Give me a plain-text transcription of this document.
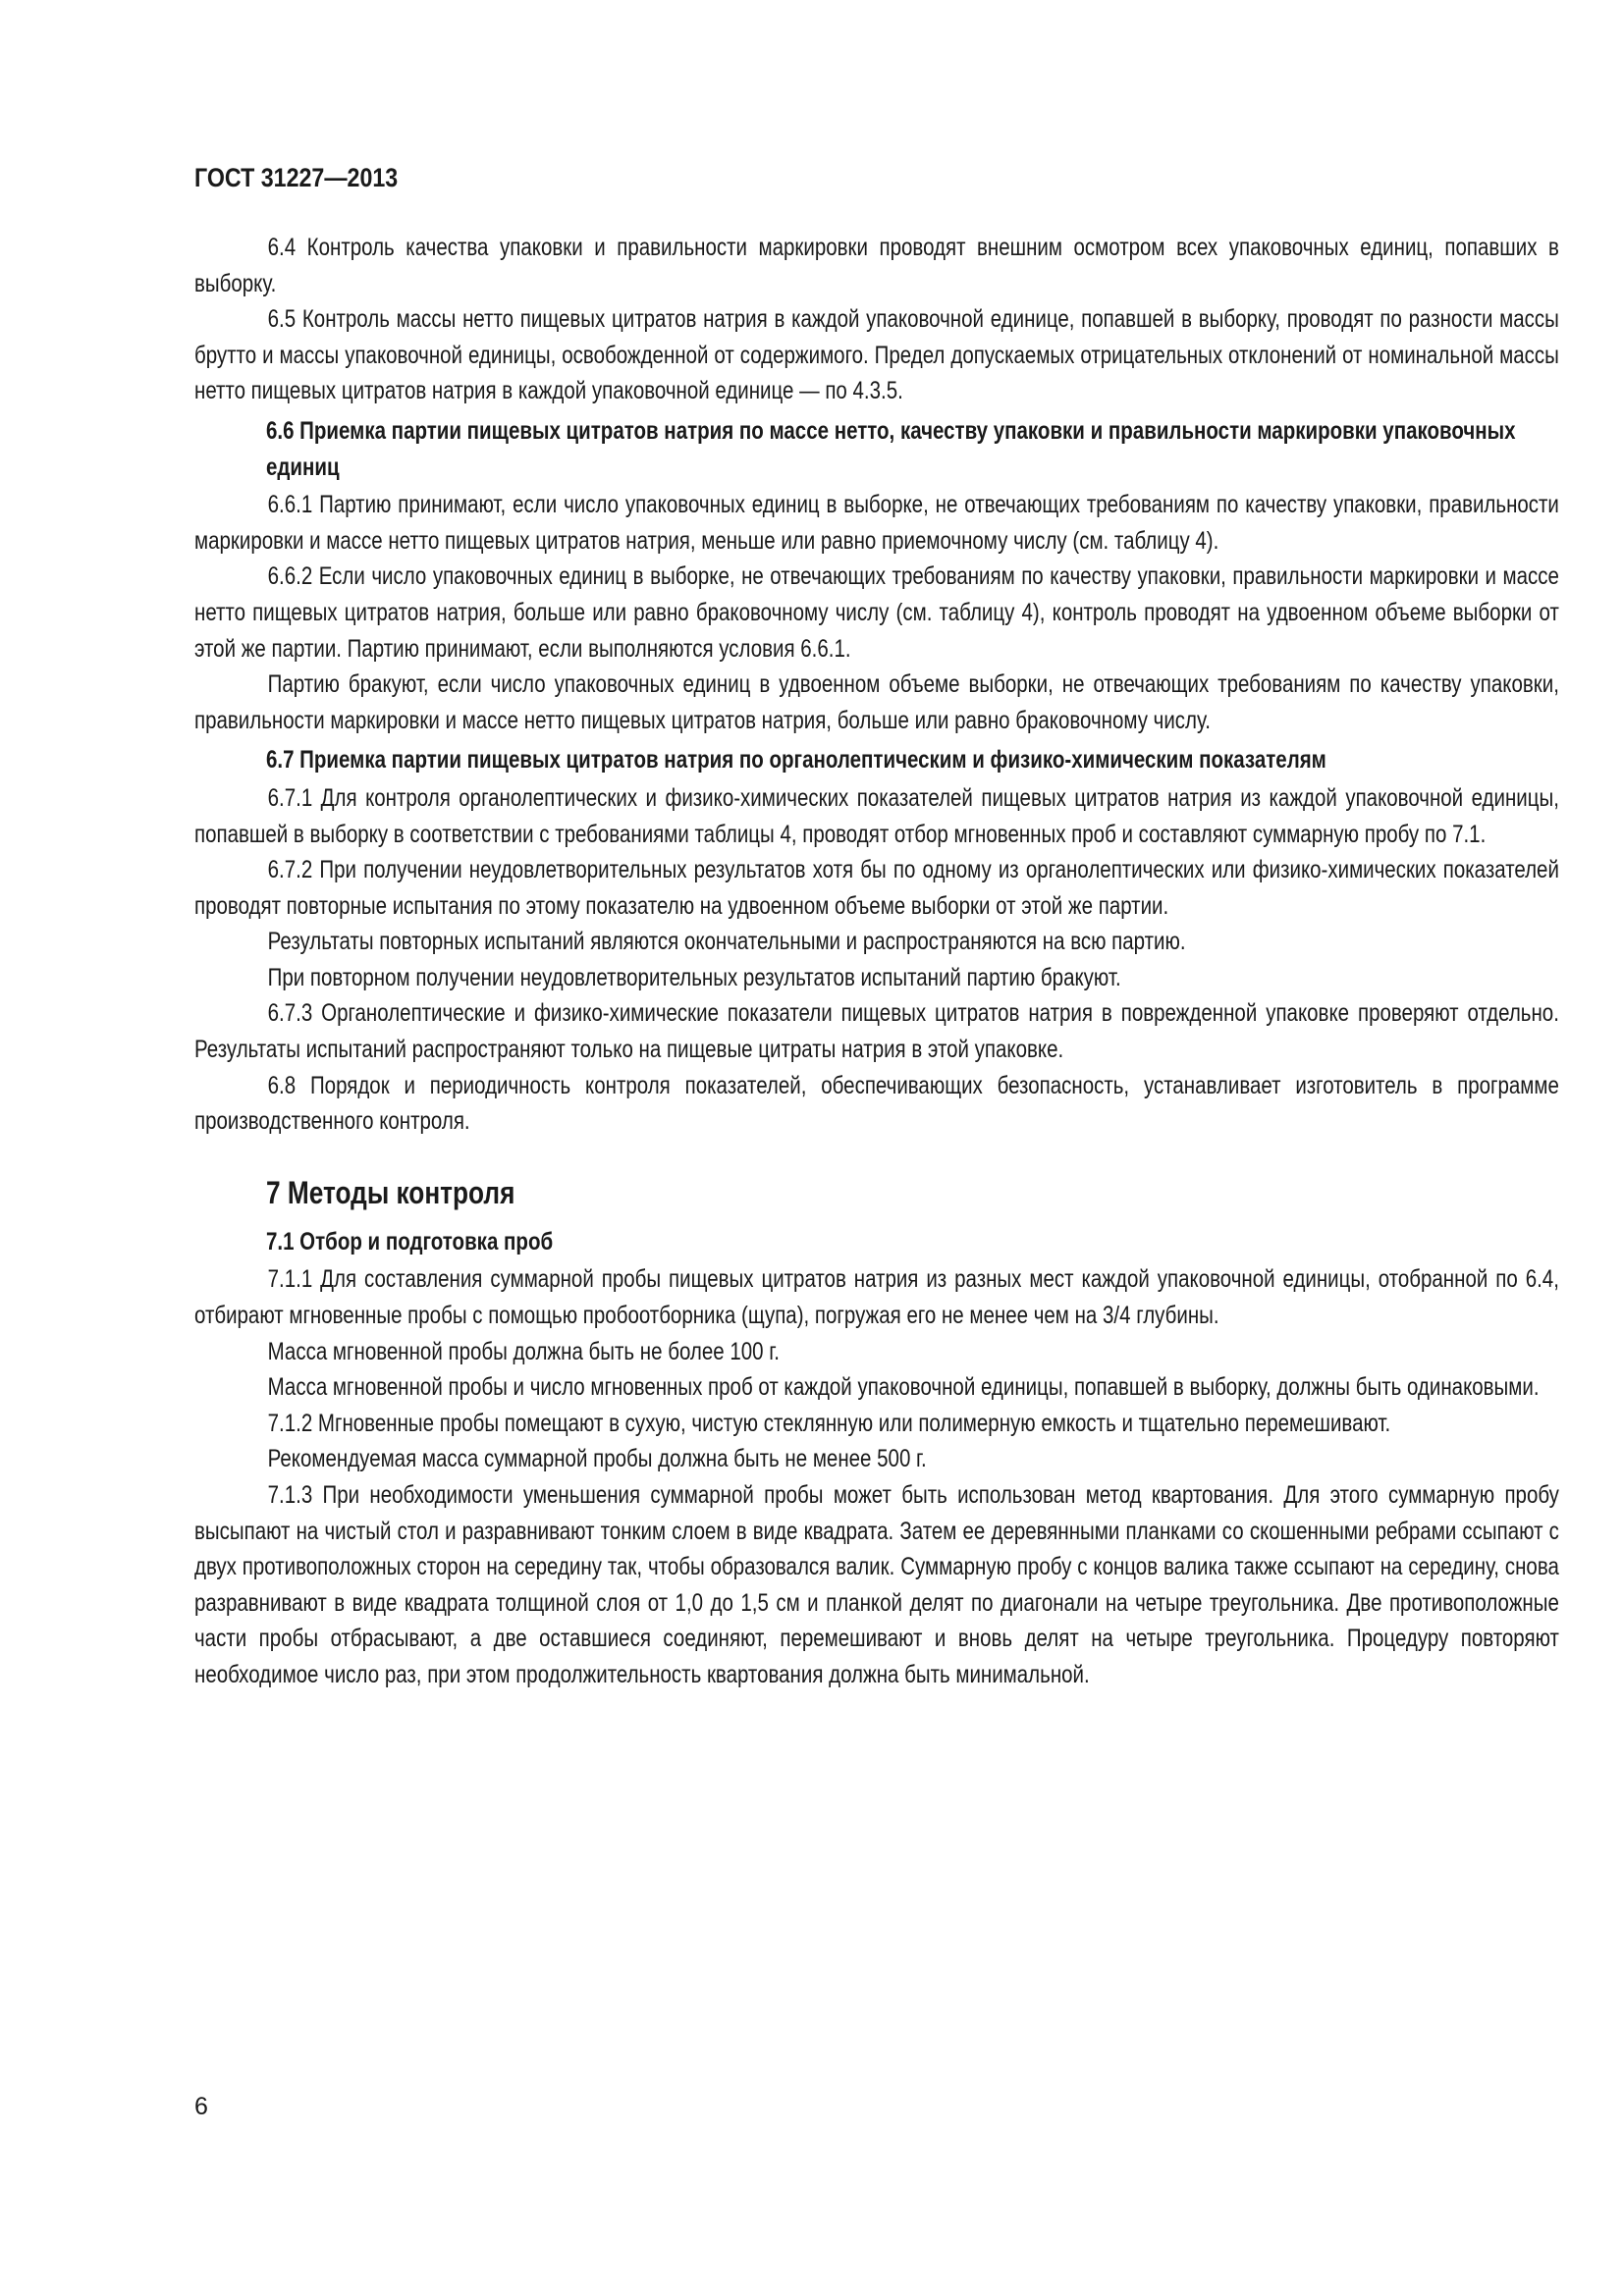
ГОСТ 31227—2013
6.4 Контроль качества упаковки и правильности маркировки проводят внешним осмотром всех упаковочных единиц, попавших в выборку.
6.5 Контроль массы нетто пищевых цитратов натрия в каждой упаковочной единице, попавшей в выборку, проводят по разности массы брутто и массы упаковочной единицы, освобожденной от содержимого. Предел допускаемых отрицательных отклонений от номинальной массы нетто пищевых цитратов натрия в каждой упаковочной единице — по 4.3.5.
6.6 Приемка партии пищевых цитратов натрия по массе нетто, качеству упаковки и правильности маркировки упаковочных единиц
6.6.1 Партию принимают, если число упаковочных единиц в выборке, не отвечающих требованиям по качеству упаковки, правильности маркировки и массе нетто пищевых цитратов натрия, меньше или равно приемочному числу (см. таблицу 4).
6.6.2 Если число упаковочных единиц в выборке, не отвечающих требованиям по качеству упаковки, правильности маркировки и массе нетто пищевых цитратов натрия, больше или равно браковочному числу (см. таблицу 4), контроль проводят на удвоенном объеме выборки от этой же партии. Партию принимают, если выполняются условия 6.6.1.
Партию бракуют, если число упаковочных единиц в удвоенном объеме выборки, не отвечающих требованиям по качеству упаковки, правильности маркировки и массе нетто пищевых цитратов натрия, больше или равно браковочному числу.
6.7 Приемка партии пищевых цитратов натрия по органолептическим и физико-химическим показателям
6.7.1 Для контроля органолептических и физико-химических показателей пищевых цитратов натрия из каждой упаковочной единицы, попавшей в выборку в соответствии с требованиями таблицы 4, проводят отбор мгновенных проб и составляют суммарную пробу по 7.1.
6.7.2 При получении неудовлетворительных результатов хотя бы по одному из органолептических или физико-химических показателей проводят повторные испытания по этому показателю на удвоенном объеме выборки от этой же партии.
Результаты повторных испытаний являются окончательными и распространяются на всю партию.
При повторном получении неудовлетворительных результатов испытаний партию бракуют.
6.7.3 Органолептические и физико-химические показатели пищевых цитратов натрия в поврежденной упаковке проверяют отдельно. Результаты испытаний распространяют только на пищевые цитраты натрия в этой упаковке.
6.8 Порядок и периодичность контроля показателей, обеспечивающих безопасность, устанавливает изготовитель в программе производственного контроля.
7 Методы контроля
7.1 Отбор и подготовка проб
7.1.1 Для составления суммарной пробы пищевых цитратов натрия из разных мест каждой упаковочной единицы, отобранной по 6.4, отбирают мгновенные пробы с помощью пробоотборника (щупа), погружая его не менее чем на 3/4 глубины.
Масса мгновенной пробы должна быть не более 100 г.
Масса мгновенной пробы и число мгновенных проб от каждой упаковочной единицы, попавшей в выборку, должны быть одинаковыми.
7.1.2 Мгновенные пробы помещают в сухую, чистую стеклянную или полимерную емкость и тщательно перемешивают.
Рекомендуемая масса суммарной пробы должна быть не менее 500 г.
7.1.3 При необходимости уменьшения суммарной пробы может быть использован метод квартования. Для этого суммарную пробу высыпают на чистый стол и разравнивают тонким слоем в виде квадрата. Затем ее деревянными планками со скошенными ребрами ссыпают с двух противоположных сторон на середину так, чтобы образовался валик. Суммарную пробу с концов валика также ссыпают на середину, снова разравнивают в виде квадрата толщиной слоя от 1,0 до 1,5 см и планкой делят по диагонали на четыре треугольника. Две противоположные части пробы отбрасывают, а две оставшиеся соединяют, перемешивают и вновь делят на четыре треугольника. Процедуру повторяют необходимое число раз, при этом продолжительность квартования должна быть минимальной.
6
